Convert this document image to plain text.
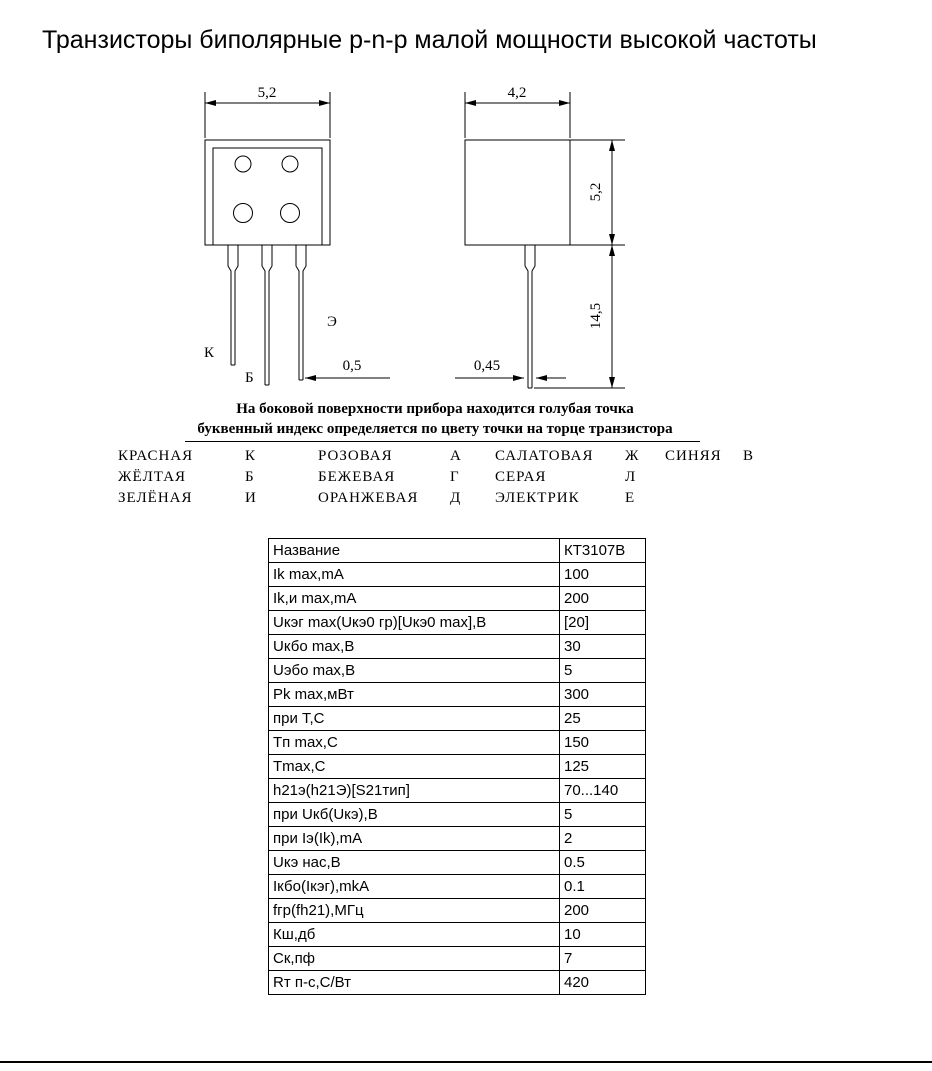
Транзисторы биполярные p-n-p малой мощности высокой частоты
5,2
К
Б
Э
0,5
4,2
5,2
14,5
0,45
На боковой поверхности прибора находится голубая точка
буквенный индекс определяется по цвету точки на торце транзистора
КРАСНАЯ	К	РОЗОВАЯ	А	САЛАТОВАЯ	Ж	СИНЯЯ	В
ЖЁЛТАЯ	Б	БЕЖЕВАЯ	Г	СЕРАЯ	Л		
ЗЕЛЁНАЯ	И	ОРАНЖЕВАЯ	Д	ЭЛЕКТРИК	Е		
Название	КТ3107В
Ik max,mA	100
Ik,и max,mA	200
Uкэг max(Uкэ0 гр)[Uкэ0 max],B	[20]
Uкбо max,B	30
Uэбо max,B	5
Pk max,мВт	300
при T,C	25
Tп max,C	150
Tmax,C	125
h21э(h21Э)[S21тип]	70...140
при Uкб(Uкэ),B	5
при Iэ(Ik),mA	2
Uкэ нас,B	0.5
Iкбо(Iкэг),mkA	0.1
fгр(fh21),МГц	200
Кш,дб	10
Ск,пф	7
Rт п-с,C/Вт	420
